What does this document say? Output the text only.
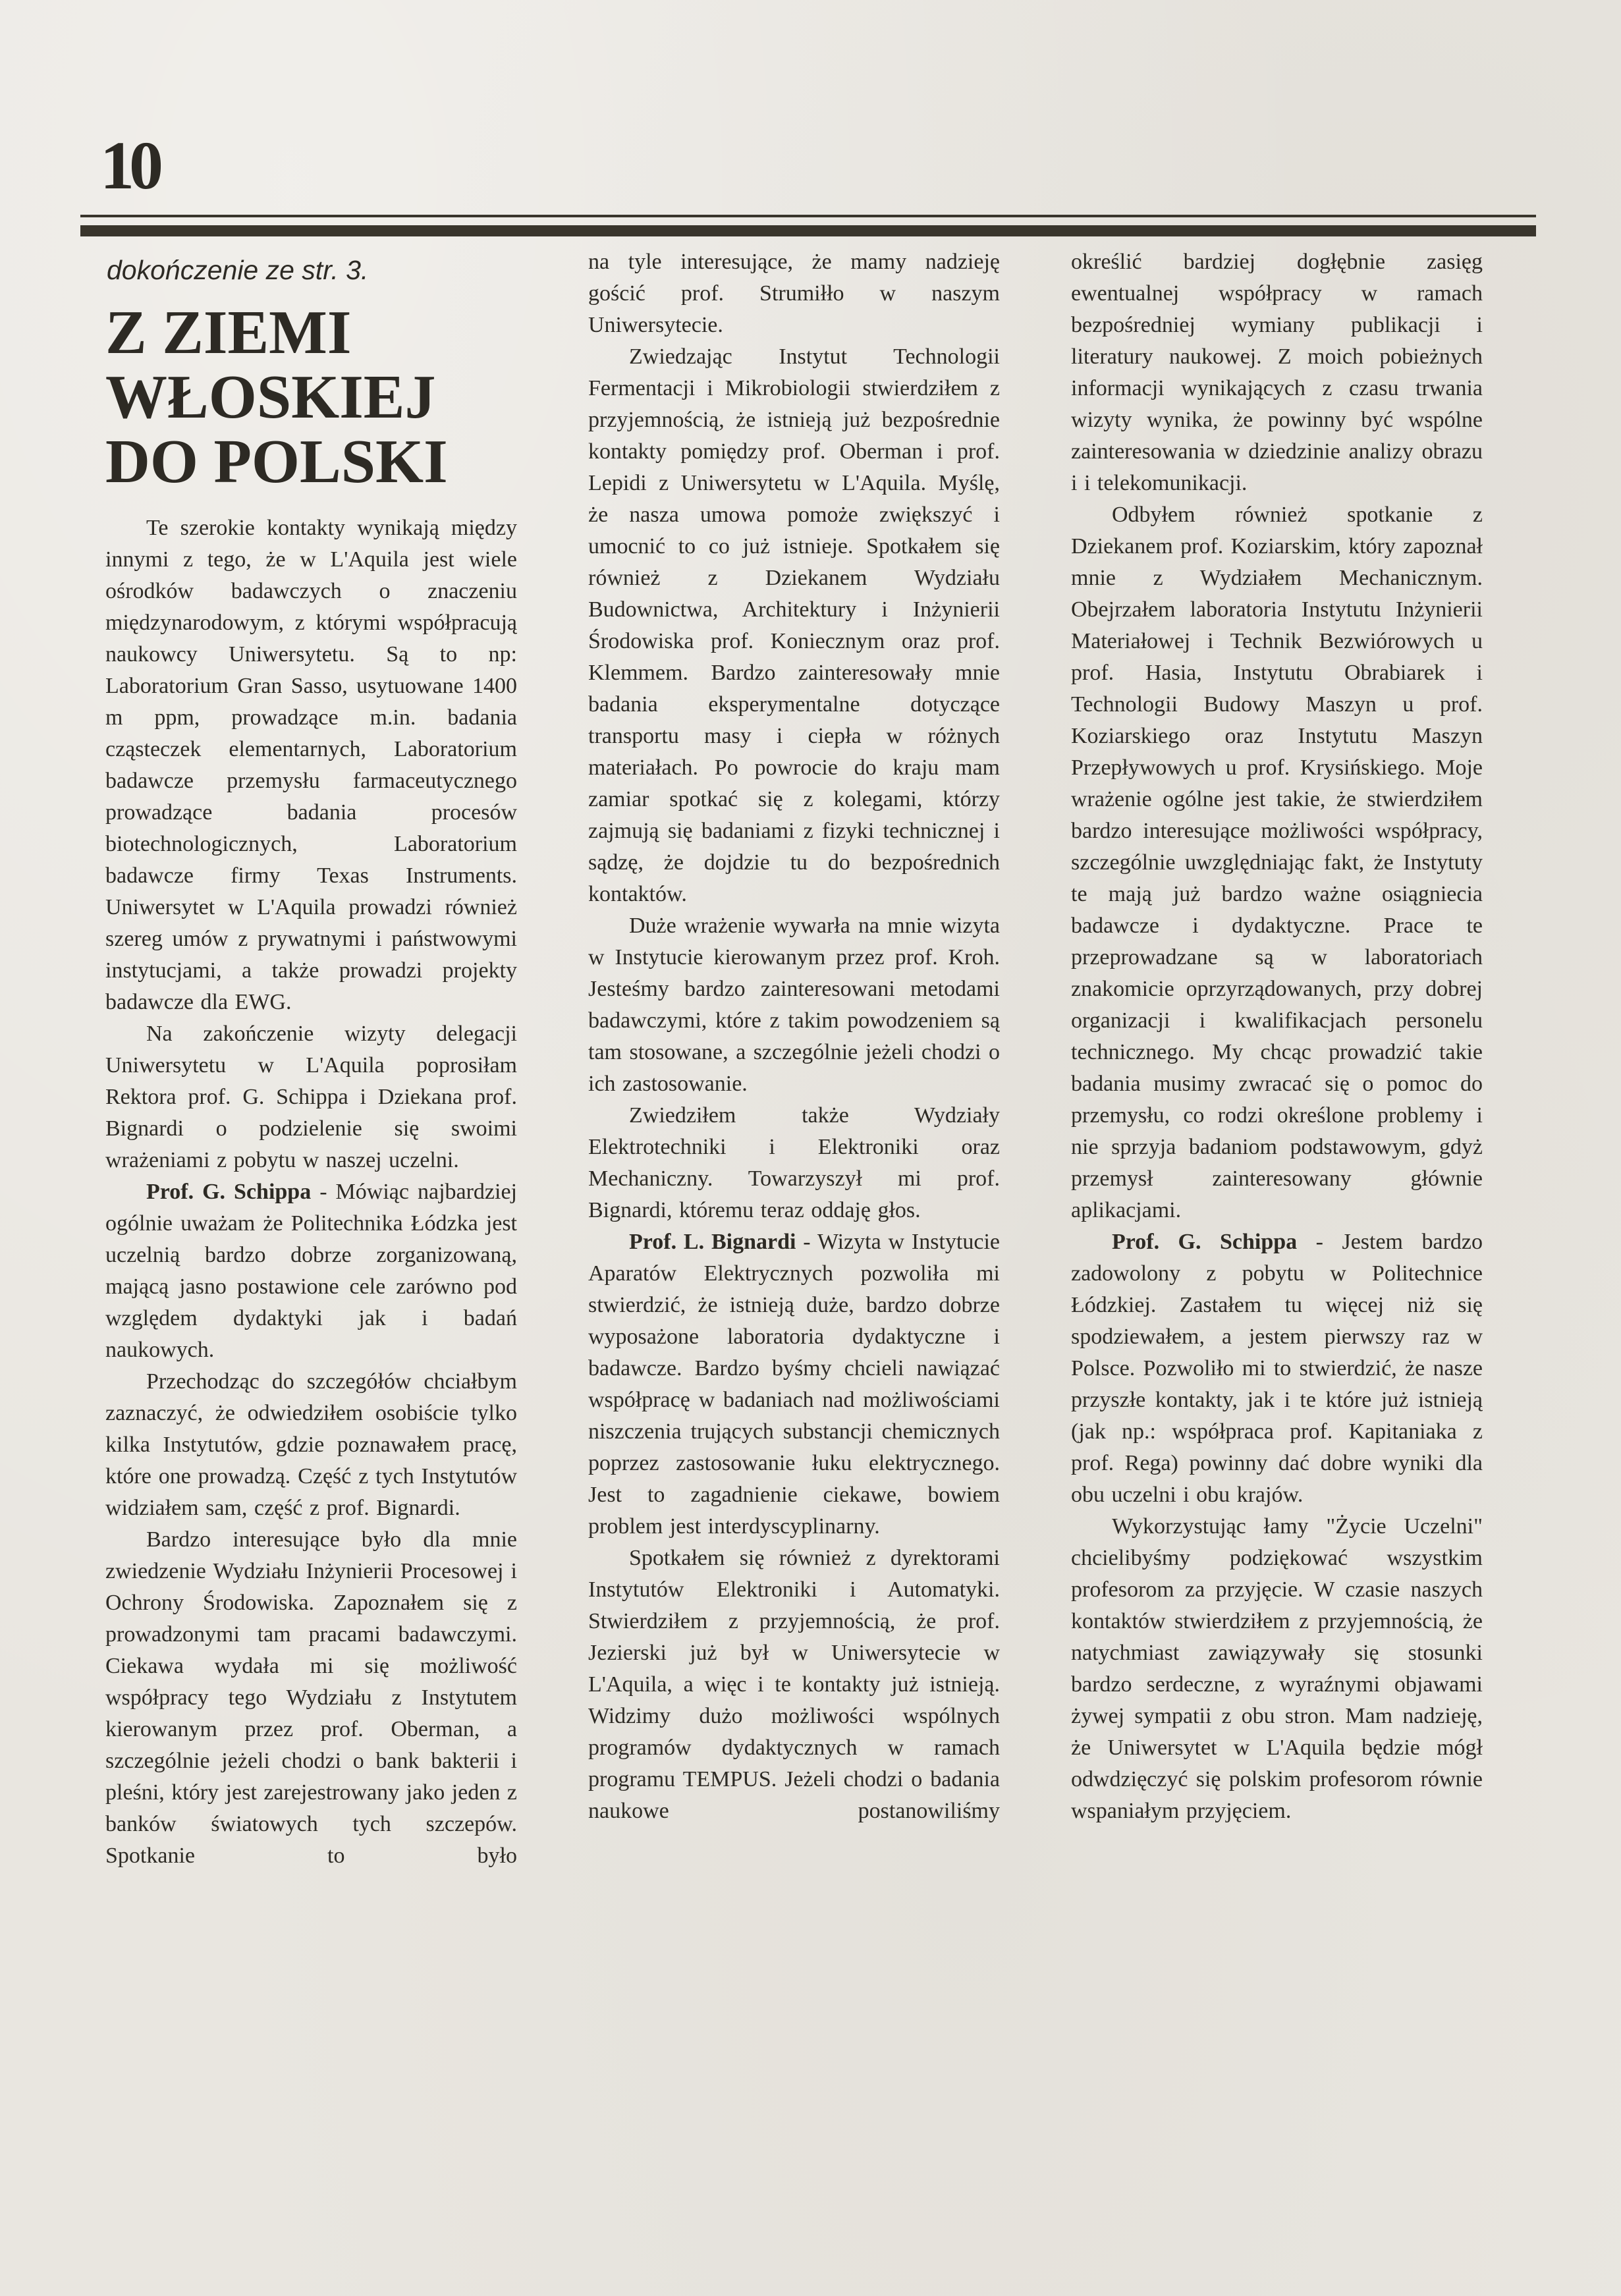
10
dokończenie ze str. 3.
Z ZIEMI WŁOSKIEJ DO POLSKI

Te szerokie kontakty wynikają między innymi z tego, że w L'Aquila jest wiele ośrodków badawczych o znaczeniu międzynarodowym, z którymi współpracują naukowcy Uniwersytetu. Są to np: Laboratorium Gran Sasso, usytuowane 1400 m ppm, prowadzące m.in. badania cząsteczek elementarnych, Laboratorium badawcze przemysłu farmaceutycznego prowadzące badania procesów biotechnologicznych, Laboratorium badawcze firmy Texas Instruments. Uniwersytet w L'Aquila prowadzi również szereg umów z prywatnymi i państwowymi instytucjami, a także prowadzi projekty badawcze dla EWG.

Na zakończenie wizyty delegacji Uniwersytetu w L'Aquila poprosiłam Rektora prof. G. Schippa i Dziekana prof. Bignardi o podzielenie się swoimi wrażeniami z pobytu w naszej uczelni.

Prof. G. Schippa - Mówiąc najbardziej ogólnie uważam że Politechnika Łódzka jest uczelnią bardzo dobrze zorganizowaną, mającą jasno postawione cele zarówno pod względem dydaktyki jak i badań naukowych.

Przechodząc do szczegółów chciałbym zaznaczyć, że odwiedziłem osobiście tylko kilka Instytutów, gdzie poznawałem pracę, które one prowadzą. Część z tych Instytutów widziałem sam, część z prof. Bignardi.

Bardzo interesujące było dla mnie zwiedzenie Wydziału Inżynierii Procesowej i Ochrony Środowiska. Zapoznałem się z prowadzonymi tam pracami badawczymi. Ciekawa wydała mi się możliwość współpracy tego Wydziału z Instytutem kierowanym przez prof. Oberman, a szczególnie jeżeli chodzi o bank bakterii i pleśni, który jest zarejestrowany jako jeden z banków światowych tych szczepów. Spotkanie to było

na tyle interesujące, że mamy nadzieję gościć prof. Strumiłło w naszym Uniwersytecie.

Zwiedzając Instytut Technologii Fermentacji i Mikrobiologii stwierdziłem z przyjemnością, że istnieją już bezpośrednie kontakty pomiędzy prof. Oberman i prof. Lepidi z Uniwersytetu w L'Aquila. Myślę, że nasza umowa pomoże zwiększyć i umocnić to co już istnieje. Spotkałem się również z Dziekanem Wydziału Budownictwa, Architektury i Inżynierii Środowiska prof. Koniecznym oraz prof. Klemmem. Bardzo zainteresowały mnie badania eksperymentalne dotyczące transportu masy i ciepła w różnych materiałach. Po powrocie do kraju mam zamiar spotkać się z kolegami, którzy zajmują się badaniami z fizyki technicznej i sądzę, że dojdzie tu do bezpośrednich kontaktów.

Duże wrażenie wywarła na mnie wizyta w Instytucie kierowanym przez prof. Kroh. Jesteśmy bardzo zainteresowani metodami badawczymi, które z takim powodzeniem są tam stosowane, a szczególnie jeżeli chodzi o ich zastosowanie.

Zwiedziłem także Wydziały Elektrotechniki i Elektroniki oraz Mechaniczny. Towarzyszył mi prof. Bignardi, któremu teraz oddaję głos.

Prof. L. Bignardi - Wizyta w Instytucie Aparatów Elektrycznych pozwoliła mi stwierdzić, że istnieją duże, bardzo dobrze wyposażone laboratoria dydaktyczne i badawcze. Bardzo byśmy chcieli nawiązać współpracę w badaniach nad możliwościami niszczenia trujących substancji chemicznych poprzez zastosowanie łuku elektrycznego. Jest to zagadnienie ciekawe, bowiem problem jest interdyscyplinarny.

Spotkałem się również z dyrektorami Instytutów Elektroniki i Automatyki. Stwierdziłem z przyjemnością, że prof. Jezierski już był w Uniwersytecie w L'Aquila, a więc i te kontakty już istnieją. Widzimy dużo możliwości wspólnych programów dydaktycznych w ramach programu TEMPUS. Jeżeli chodzi o badania naukowe postanowiliśmy

określić bardziej dogłębnie zasięg ewentualnej współpracy w ramach bezpośredniej wymiany publikacji i literatury naukowej. Z moich pobieżnych informacji wynikających z czasu trwania wizyty wynika, że powinny być wspólne zainteresowania w dziedzinie analizy obrazu i i telekomunikacji.

Odbyłem również spotkanie z Dziekanem prof. Koziarskim, który zapoznał mnie z Wydziałem Mechanicznym. Obejrzałem laboratoria Instytutu Inżynierii Materiałowej i Technik Bezwiórowych u prof. Hasia, Instytutu Obrabiarek i Technologii Budowy Maszyn u prof. Koziarskiego oraz Instytutu Maszyn Przepływowych u prof. Krysińskiego. Moje wrażenie ogólne jest takie, że stwierdziłem bardzo interesujące możliwości współpracy, szczególnie uwzględniając fakt, że Instytuty te mają już bardzo ważne osiągniecia badawcze i dydaktyczne. Prace te przeprowadzane są w laboratoriach znakomicie oprzyrządowanych, przy dobrej organizacji i kwalifikacjach personelu technicznego. My chcąc prowadzić takie badania musimy zwracać się o pomoc do przemysłu, co rodzi określone problemy i nie sprzyja badaniom podstawowym, gdyż przemysł zainteresowany głównie aplikacjami.

Prof. G. Schippa - Jestem bardzo zadowolony z pobytu w Politechnice Łódzkiej. Zastałem tu więcej niż się spodziewałem, a jestem pierwszy raz w Polsce. Pozwoliło mi to stwierdzić, że nasze przyszłe kontakty, jak i te które już istnieją (jak np.: współpraca prof. Kapitaniaka z prof. Rega) powinny dać dobre wyniki dla obu uczelni i obu krajów.

Wykorzystując łamy "Życie Uczelni" chcielibyśmy podziękować wszystkim profesorom za przyjęcie. W czasie naszych kontaktów stwierdziłem z przyjemnością, że natychmiast zawiązywały się stosunki bardzo serdeczne, z wyraźnymi objawami żywej sympatii z obu stron. Mam nadzieję, że Uniwersytet w L'Aquila będzie mógł odwdzięczyć się polskim profesorom równie wspaniałym przyjęciem.
